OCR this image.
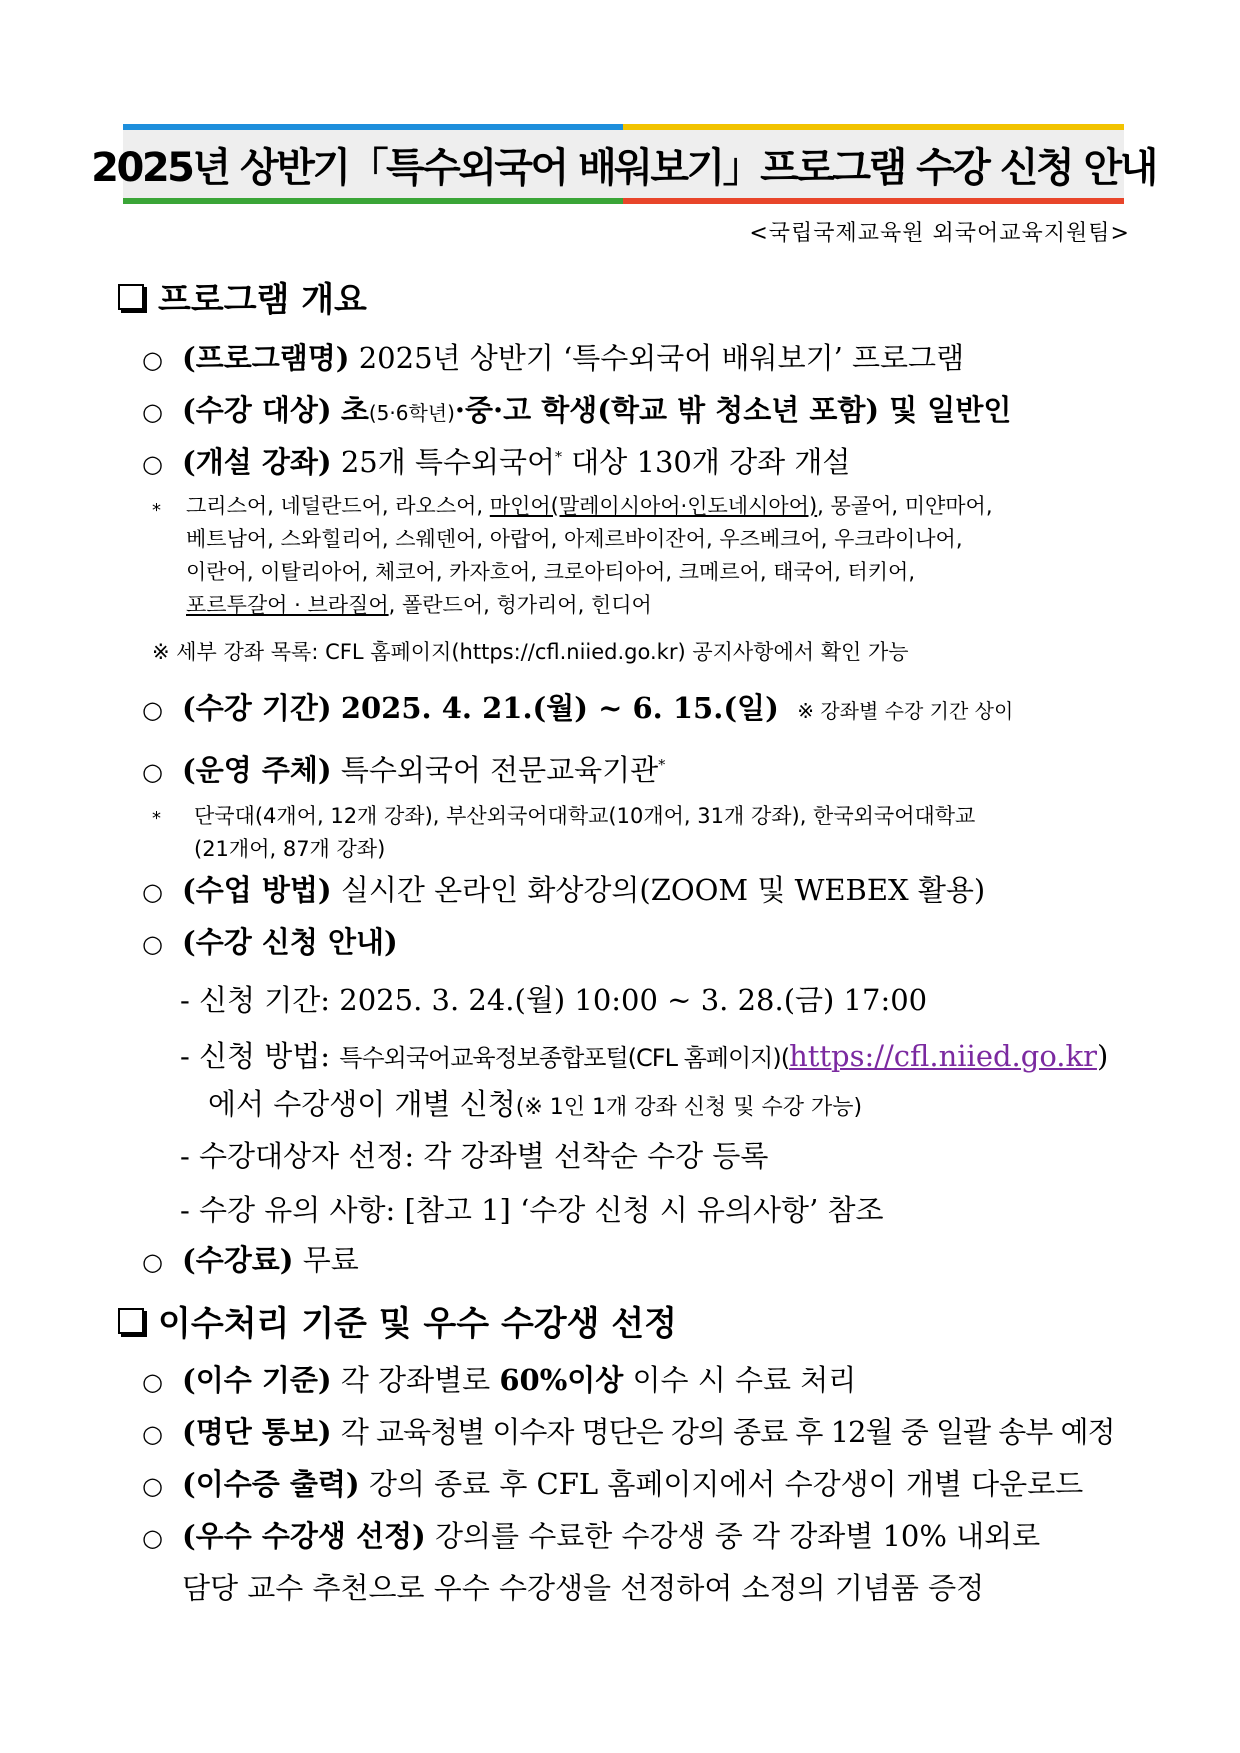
2025년 상반기「특수외국어 배워보기」프로그램 수강 신청 안내
<국립국제교육원 외국어교육지원팀>
프로그램 개요
○ (프로그램명) 2025년 상반기 ‘특수외국어 배워보기’ 프로그램
○ (수강 대상) 초(5·6학년)·중·고 학생(학교 밖 청소년 포함) 및 일반인
○ (개설 강좌) 25개 특수외국어* 대상 130개 강좌 개설
* 그리스어, 네덜란드어, 라오스어, 마인어(말레이시아어·인도네시아어), 몽골어, 미얀마어,
베트남어, 스와힐리어, 스웨덴어, 아랍어, 아제르바이잔어, 우즈베크어, 우크라이나어,
이란어, 이탈리아어, 체코어, 카자흐어, 크로아티아어, 크메르어, 태국어, 터키어,
포르투갈어 · 브라질어, 폴란드어, 헝가리어, 힌디어
※ 세부 강좌 목록: CFL 홈페이지(https://cfl.niied.go.kr) 공지사항에서 확인 가능
○ (수강 기간) 2025. 4. 21.(월) ~ 6. 15.(일) ※ 강좌별 수강 기간 상이
○ (운영 주체) 특수외국어 전문교육기관*
* 단국대(4개어, 12개 강좌), 부산외국어대학교(10개어, 31개 강좌), 한국외국어대학교
(21개어, 87개 강좌)
○ (수업 방법) 실시간 온라인 화상강의(ZOOM 및 WEBEX 활용)
○ (수강 신청 안내)
- 신청 기간: 2025. 3. 24.(월) 10:00 ~ 3. 28.(금) 17:00
- 신청 방법: 특수외국어교육정보종합포털(CFL 홈페이지)(https://cfl.niied.go.kr)
에서 수강생이 개별 신청(※ 1인 1개 강좌 신청 및 수강 가능)
- 수강대상자 선정: 각 강좌별 선착순 수강 등록
- 수강 유의 사항: [참고 1] ‘수강 신청 시 유의사항’ 참조
○ (수강료) 무료
이수처리 기준 및 우수 수강생 선정
○ (이수 기준) 각 강좌별로 60%이상 이수 시 수료 처리
○ (명단 통보) 각 교육청별 이수자 명단은 강의 종료 후 12월 중 일괄 송부 예정
○ (이수증 출력) 강의 종료 후 CFL 홈페이지에서 수강생이 개별 다운로드
○ (우수 수강생 선정) 강의를 수료한 수강생 중 각 강좌별 10% 내외로
담당 교수 추천으로 우수 수강생을 선정하여 소정의 기념품 증정
